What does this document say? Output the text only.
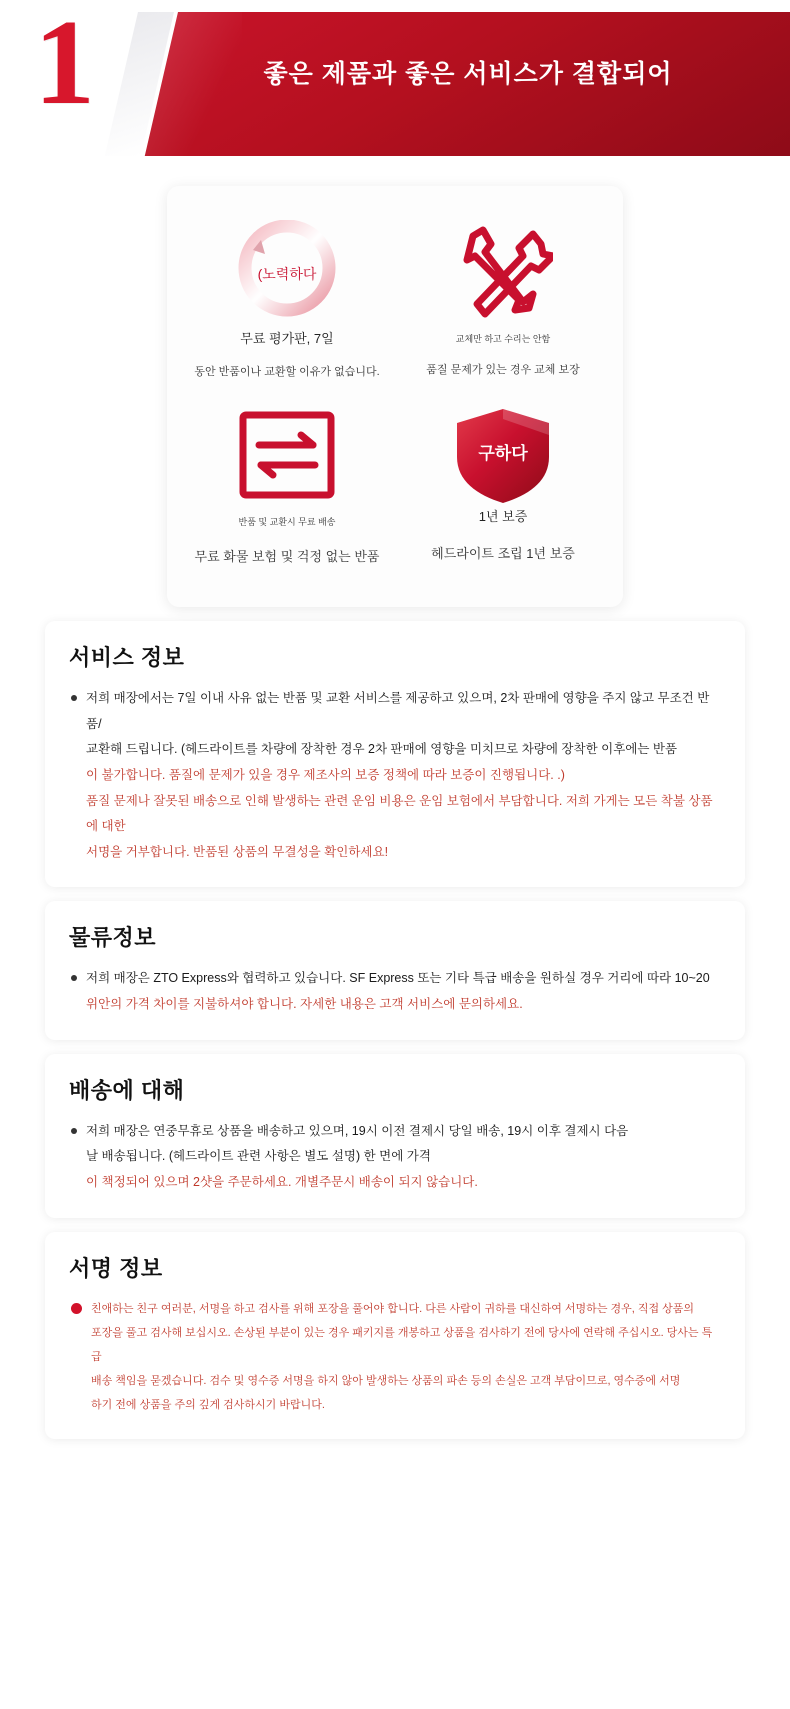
1	좋은 제품과 좋은 서비스가 결합되어
(노력하다
무료 평가판, 7일
동안 반품이나 교환할 이유가 없습니다.
교체만 하고 수리는 안함
품질 문제가 있는 경우 교체 보장
반품 및 교환시 무료 배송
무료 화물 보험 및 걱정 없는 반품
구하다
1년 보증
헤드라이트 조립 1년 보증
서비스 정보
저희 매장에서는 7일 이내 사유 없는 반품 및 교환 서비스를 제공하고 있으며, 2차 판매에 영향을 주지 않고 무조건 반품/
교환해 드립니다. (헤드라이트를 차량에 장착한 경우 2차 판매에 영향을 미치므로 차량에 장착한 이후에는 반품
이 불가합니다. 품질에 문제가 있을 경우 제조사의 보증 정책에 따라 보증이 진행됩니다. .)
품질 문제나 잘못된 배송으로 인해 발생하는 관련 운임 비용은 운임 보험에서 부담합니다. 저희 가게는 모든 착불 상품에 대한
서명을 거부합니다. 반품된 상품의 무결성을 확인하세요!
물류정보
저희 매장은 ZTO Express와 협력하고 있습니다. SF Express 또는 기타 특급 배송을 원하실 경우 거리에 따라 10~20
위안의 가격 차이를 지불하셔야 합니다. 자세한 내용은 고객 서비스에 문의하세요.
배송에 대해
저희 매장은 연중무휴로 상품을 배송하고 있으며, 19시 이전 결제시 당일 배송, 19시 이후 결제시 다음
날 배송됩니다. (헤드라이트 관련 사항은 별도 설명) 한 면에 가격
이 책정되어 있으며 2샷을 주문하세요. 개별주문시 배송이 되지 않습니다.
서명 정보
친애하는 친구 여러분, 서명을 하고 검사를 위해 포장을 풀어야 합니다. 다른 사람이 귀하를 대신하여 서명하는 경우, 직접 상품의
포장을 풀고 검사해 보십시오. 손상된 부분이 있는 경우 패키지를 개봉하고 상품을 검사하기 전에 당사에 연락해 주십시오. 당사는 특급
배송 책임을 묻겠습니다. 검수 및 영수증 서명을 하지 않아 발생하는 상품의 파손 등의 손실은 고객 부담이므로, 영수증에 서명
하기 전에 상품을 주의 깊게 검사하시기 바랍니다.
